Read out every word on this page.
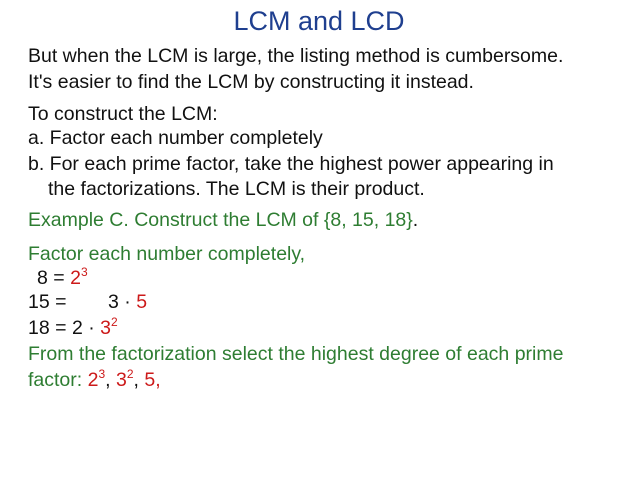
LCM and LCD
But when the LCM is large, the listing method is cumbersome.
It's easier to find the LCM by constructing it instead.
To construct the LCM:
a. Factor each number completely
b. For each prime factor, take the highest power appearing in
the factorizations. The LCM is their product.
Example C. Construct the LCM of {8, 15, 18}.
Factor each number completely,
$8 = 2^3$
15 = 3 · 5
$18 = 2 \cdot 3^2$
From the factorization select the highest degree of each prime
factor: $2^3$, $3^2$, 5,
